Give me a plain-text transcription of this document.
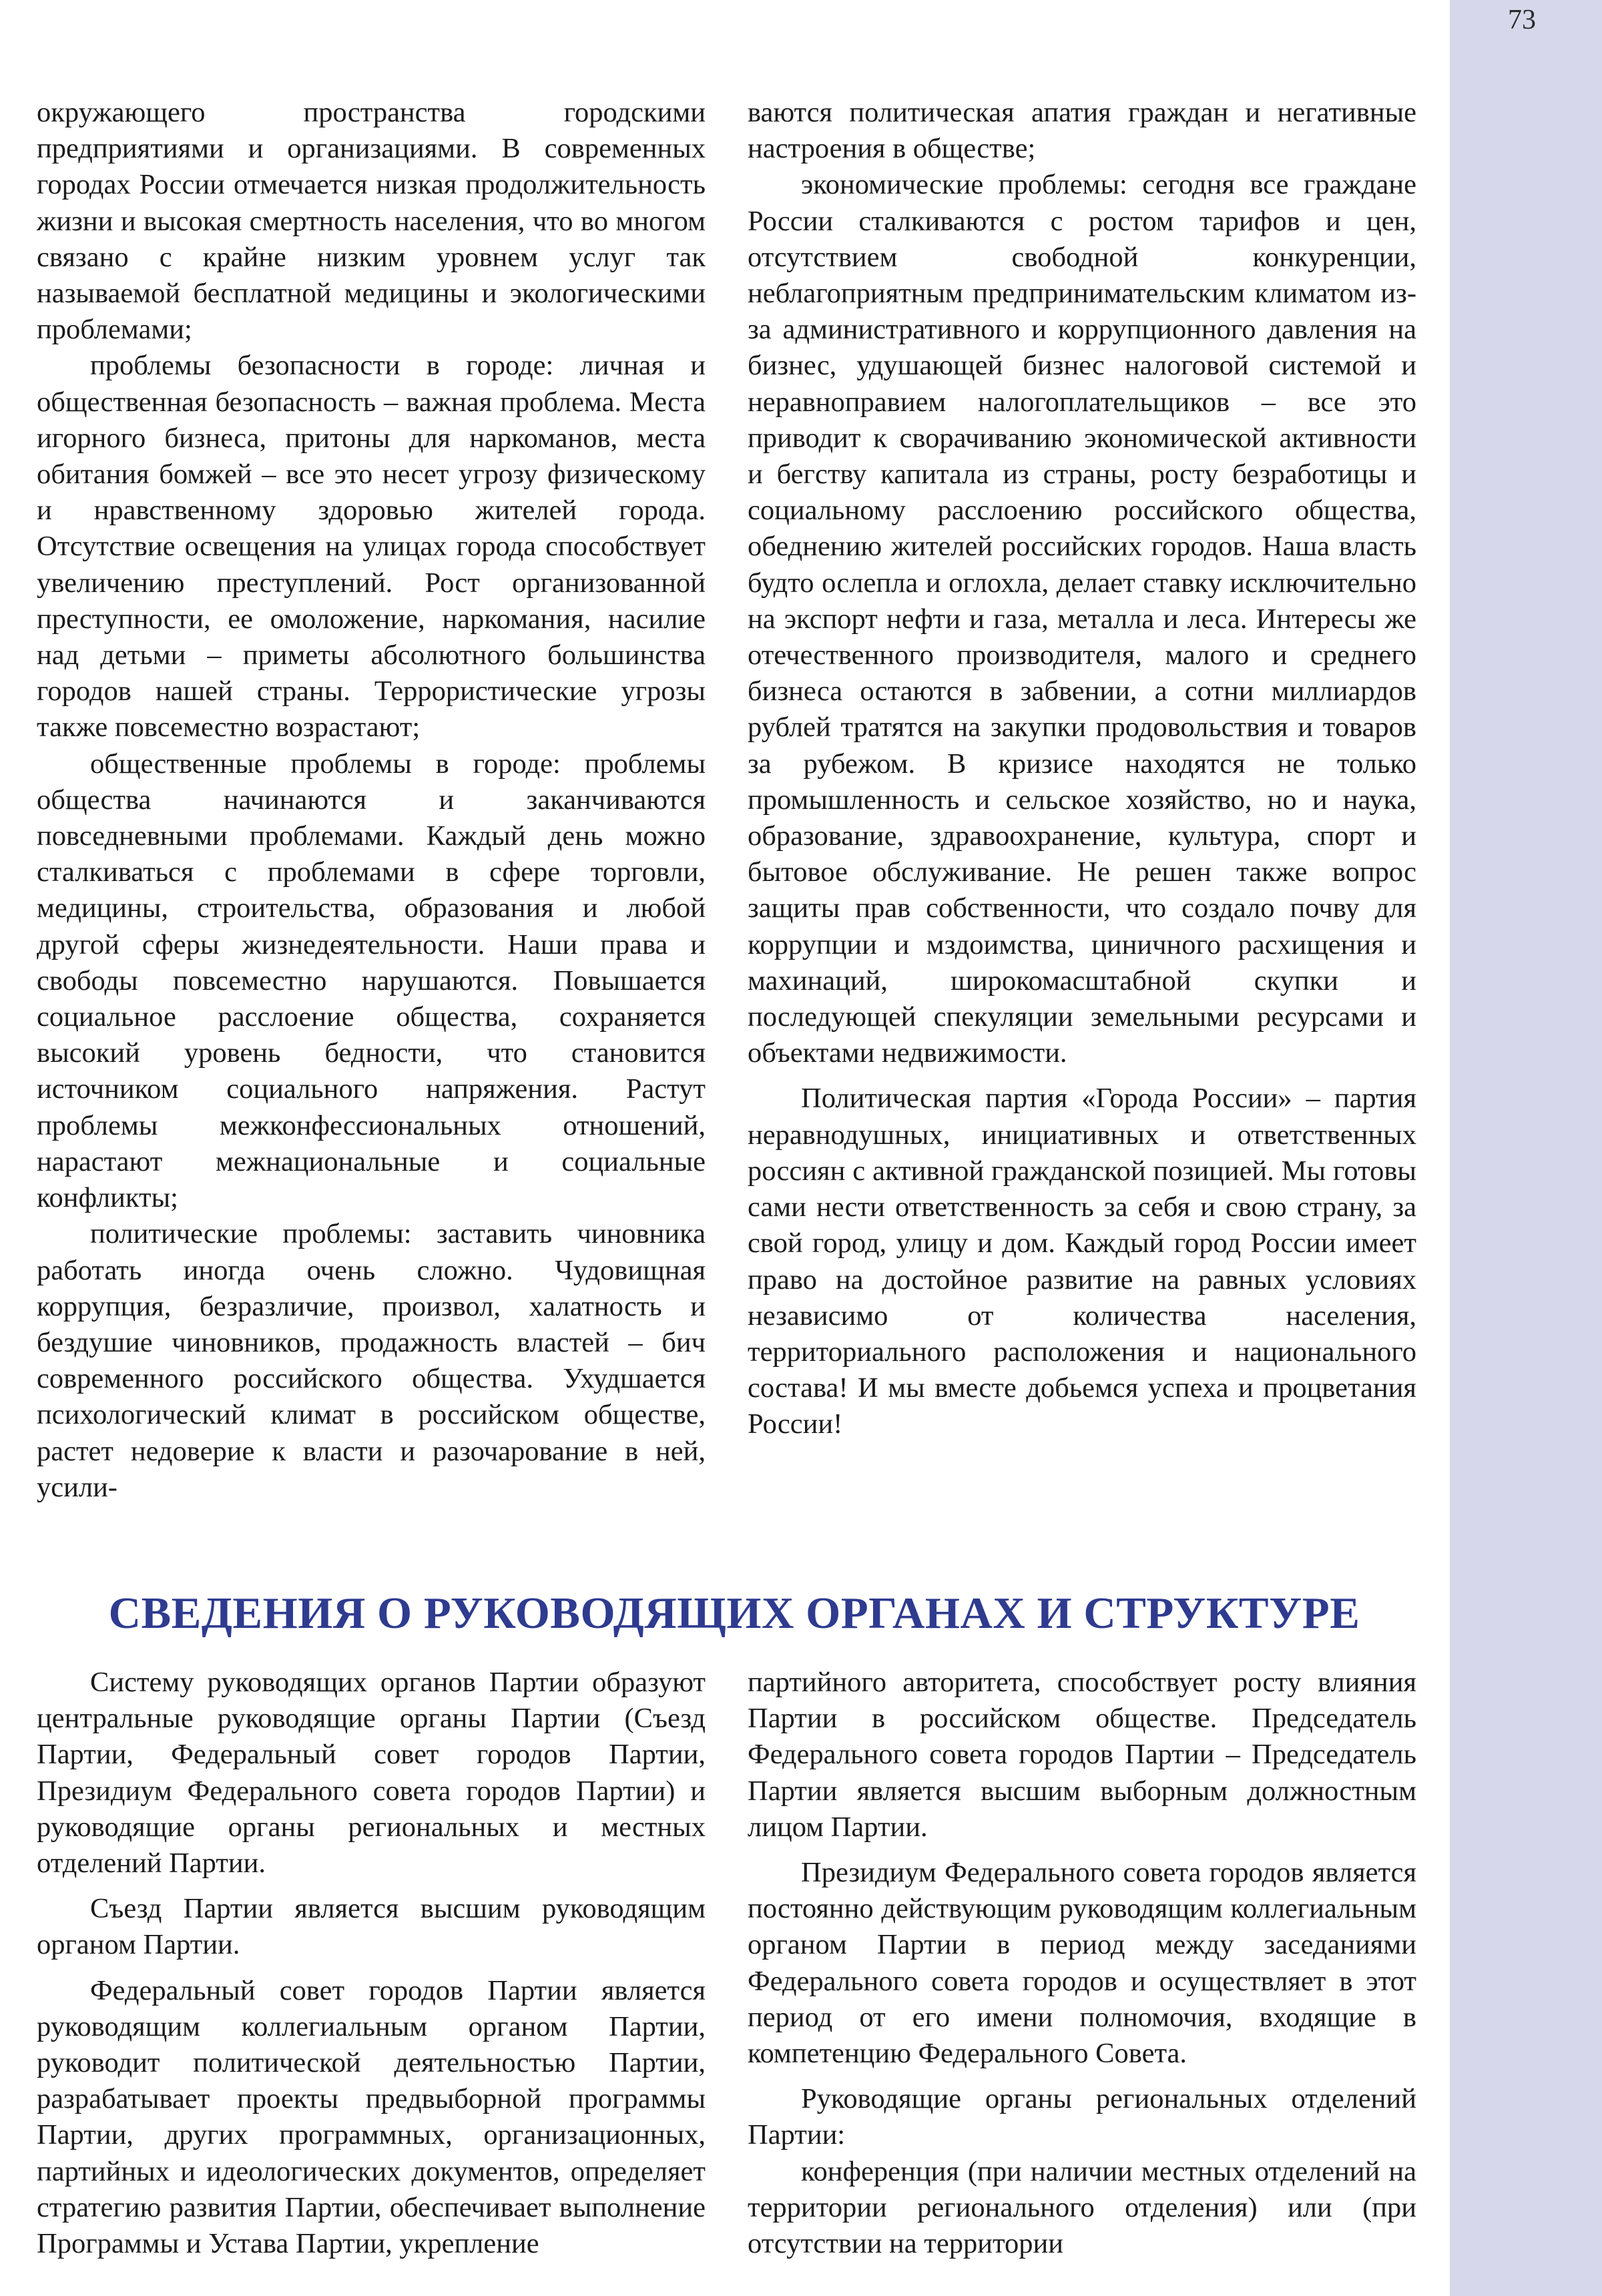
73

окружающего пространства городскими предприятиями и организациями. В современных городах России отмечается низкая продолжительность жизни и высокая смертность населения, что во многом связано с крайне низким уровнем услуг так называемой бесплатной медицины и экологическими проблемами;

проблемы безопасности в городе: личная и общественная безопасность – важная проблема. Места игорного бизнеса, притоны для наркоманов, места обитания бомжей – все это несет угрозу физическому и нравственному здоровью жителей города. Отсутствие освещения на улицах города способствует увеличению преступлений. Рост организованной преступности, ее омоложение, наркомания, насилие над детьми – приметы абсолютного большинства городов нашей страны. Террористические угрозы также повсеместно возрастают;

общественные проблемы в городе: проблемы общества начинаются и заканчиваются повседневными проблемами. Каждый день можно сталкиваться с проблемами в сфере торговли, медицины, строительства, образования и любой другой сферы жизнедеятельности. Наши права и свободы повсеместно нарушаются. Повышается социальное расслоение общества, сохраняется высокий уровень бедности, что становится источником социального напряжения. Растут проблемы межконфессиональных отношений, нарастают межнациональные и социальные конфликты;

политические проблемы: заставить чиновника работать иногда очень сложно. Чудовищная коррупция, безразличие, произвол, халатность и бездушие чиновников, продажность властей – бич современного российского общества. Ухудшается психологический климат в российском обществе, растет недоверие к власти и разочарование в ней, усили-

ваются политическая апатия граждан и негативные настроения в обществе;

экономические проблемы: сегодня все граждане России сталкиваются с ростом тарифов и цен, отсутствием свободной конкуренции, неблагоприятным предпринимательским климатом из-за административного и коррупционного давления на бизнес, удушающей бизнес налоговой системой и неравноправием налогоплательщиков – все это приводит к сворачиванию экономической активности и бегству капитала из страны, росту безработицы и социальному расслоению российского общества, обеднению жителей российских городов. Наша власть будто ослепла и оглохла, делает ставку исключительно на экспорт нефти и газа, металла и леса. Интересы же отечественного производителя, малого и среднего бизнеса остаются в забвении, а сотни миллиардов рублей тратятся на закупки продовольствия и товаров за рубежом. В кризисе находятся не только промышленность и сельское хозяйство, но и наука, образование, здравоохранение, культура, спорт и бытовое обслуживание. Не решен также вопрос защиты прав собственности, что создало почву для коррупции и мздоимства, циничного расхищения и махинаций, широкомасштабной скупки и последующей спекуляции земельными ресурсами и объектами недвижимости.

Политическая партия «Города России» – партия неравнодушных, инициативных и ответственных россиян с активной гражданской позицией. Мы готовы сами нести ответственность за себя и свою страну, за свой город, улицу и дом. Каждый город России имеет право на достойное развитие на равных условиях независимо от количества населения, территориального расположения и национального состава! И мы вместе добьемся успеха и процветания России!

СВЕДЕНИЯ О РУКОВОДЯЩИХ ОРГАНАХ И СТРУКТУРЕ

Систему руководящих органов Партии образуют центральные руководящие органы Партии (Съезд Партии, Федеральный совет городов Партии, Президиум Федерального совета городов Партии) и руководящие органы региональных и местных отделений Партии.

Съезд Партии является высшим руководящим органом Партии.

Федеральный совет городов Партии является руководящим коллегиальным органом Партии, руководит политической деятельностью Партии, разрабатывает проекты предвыборной программы Партии, других программных, организационных, партийных и идеологических документов, определяет стратегию развития Партии, обеспечивает выполнение Программы и Устава Партии, укрепление

партийного авторитета, способствует росту влияния Партии в российском обществе. Председатель Федерального совета городов Партии – Председатель Партии является высшим выборным должностным лицом Партии.

Президиум Федерального совета городов является постоянно действующим руководящим коллегиальным органом Партии в период между заседаниями Федерального совета городов и осуществляет в этот период от его имени полномочия, входящие в компетенцию Федерального Совета.

Руководящие органы региональных отделений Партии:

конференция (при наличии местных отделений на территории регионального отделения) или (при отсутствии на территории
